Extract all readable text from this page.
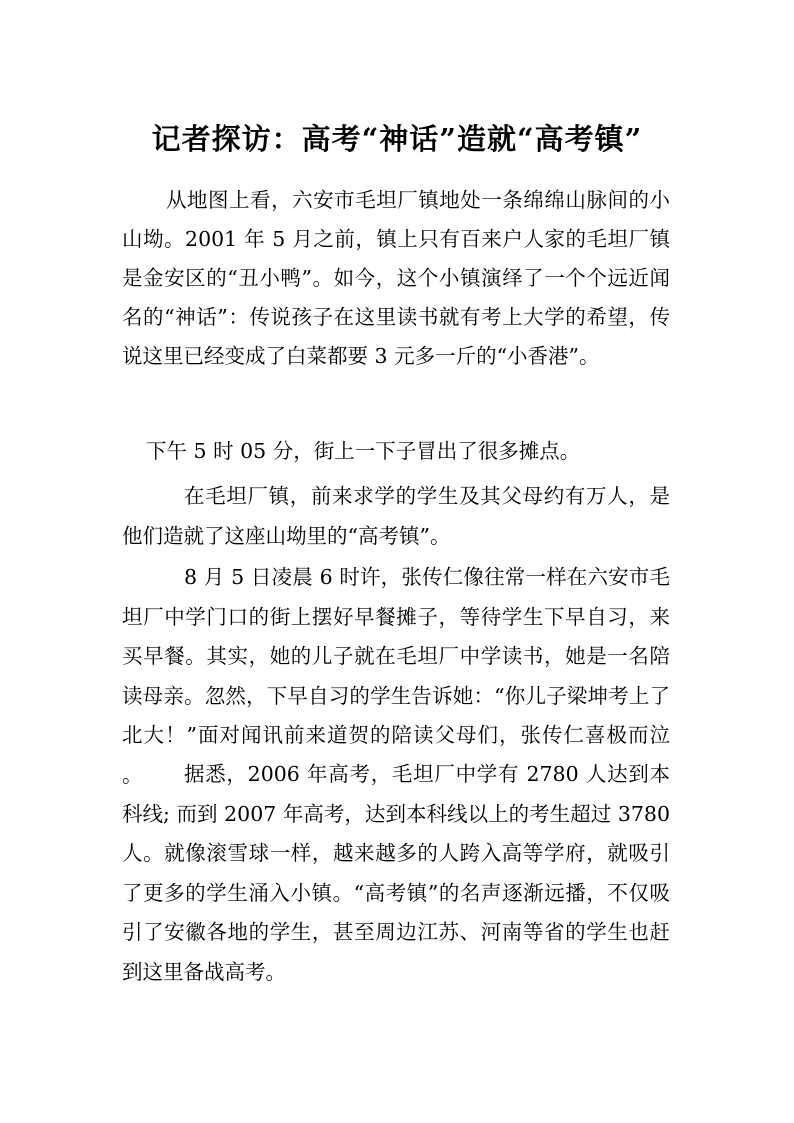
记者探访：高考“神话”造就“高考镇”

从地图上看，六安市毛坦厂镇地处一条绵绵山脉间的小山坳。2001 年 5 月之前，镇上只有百来户人家的毛坦厂镇是金安区的“丑小鸭”。如今，这个小镇演绎了一个个远近闻名的“神话”：传说孩子在这里读书就有考上大学的希望，传说这里已经变成了白菜都要 3 元多一斤的“小香港”。

下午 5 时 05 分，街上一下子冒出了很多摊点。

在毛坦厂镇，前来求学的学生及其父母约有万人，是他们造就了这座山坳里的“高考镇”。

8 月 5 日凌晨 6 时许，张传仁像往常一样在六安市毛坦厂中学门口的街上摆好早餐摊子，等待学生下早自习，来买早餐。其实，她的儿子就在毛坦厂中学读书，她是一名陪读母亲。忽然，下早自习的学生告诉她：“你儿子梁坤考上了北大！”面对闻讯前来道贺的陪读父母们，张传仁喜极而泣 。	据悉，2006 年高考，毛坦厂中学有 2780 人达到本科线; 而到 2007 年高考，达到本科线以上的考生超过 3780 人。就像滚雪球一样，越来越多的人跨入高等学府，就吸引了更多的学生涌入小镇。“高考镇”的名声逐渐远播，不仅吸引了安徽各地的学生，甚至周边江苏、河南等省的学生也赶到这里备战高考。
